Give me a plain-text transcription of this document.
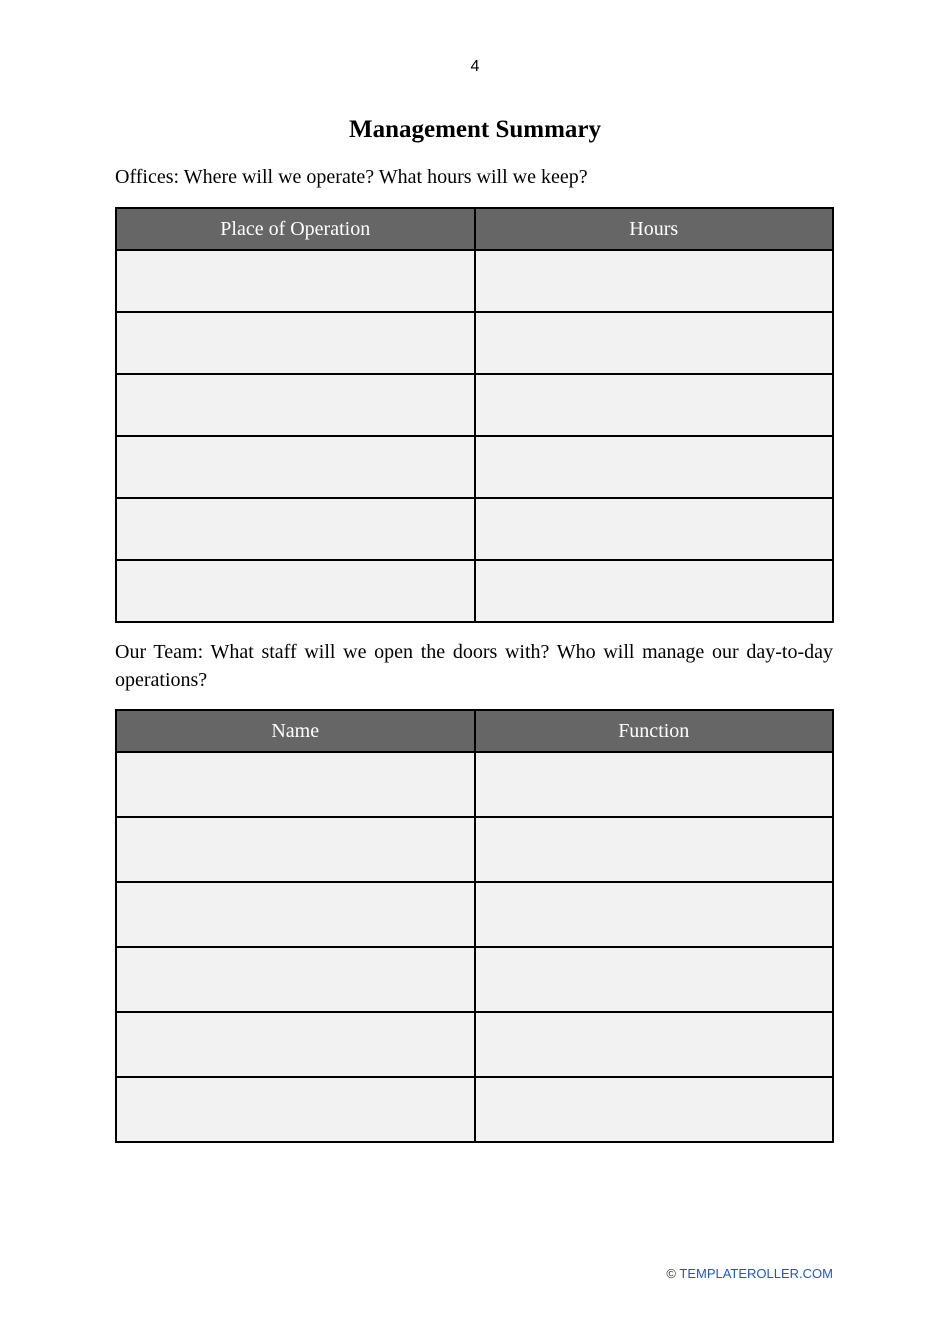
4
Management Summary
Offices: Where will we operate? What hours will we keep?
Place of Operation	Hours

Our Team: What staff will we open the doors with? Who will manage our day-to-day operations?
Name	Function

© TEMPLATEROLLER.COM
